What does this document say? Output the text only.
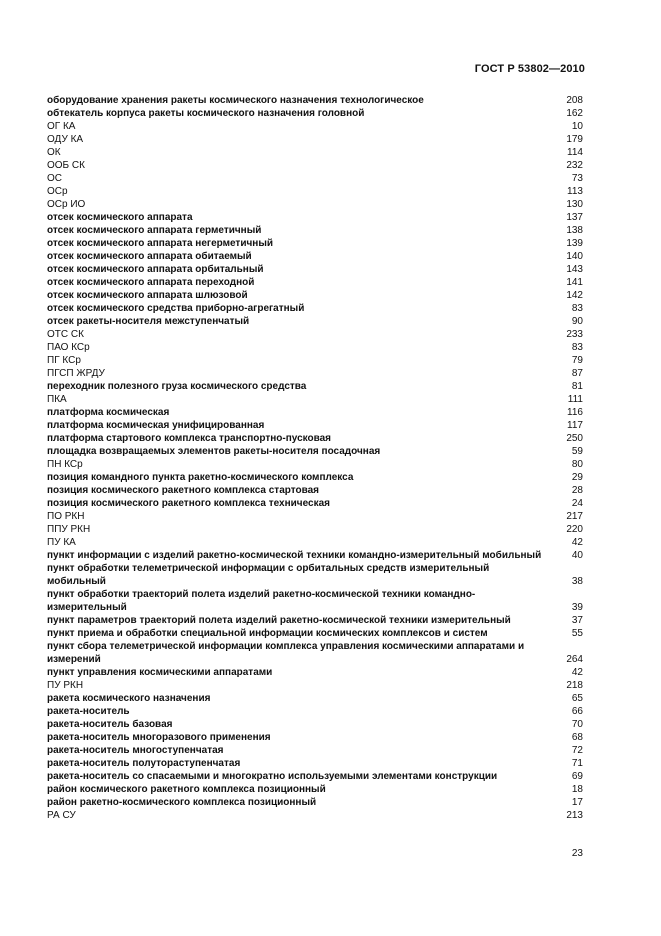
ГОСТ Р 53802—2010
оборудование хранения ракеты космического назначения технологическое	208
обтекатель корпуса ракеты космического назначения головной	162
ОГ КА	10
ОДУ КА	179
ОК	114
ООБ СК	232
ОС	73
ОСр	113
ОСр ИО	130
отсек космического аппарата	137
отсек космического аппарата герметичный	138
отсек космического аппарата негерметичный	139
отсек космического аппарата обитаемый	140
отсек космического аппарата орбитальный	143
отсек космического аппарата переходной	141
отсек космического аппарата шлюзовой	142
отсек космического средства приборно-агрегатный	83
отсек ракеты-носителя межступенчатый	90
ОТС СК	233
ПАО КСр	83
ПГ КСр	79
ПГСП ЖРДУ	87
переходник полезного груза космического средства	81
ПКА	111
платформа космическая	116
платформа космическая унифицированная	117
платформа стартового комплекса транспортно-пусковая	250
площадка возвращаемых элементов ракеты-носителя посадочная	59
ПН КСр	80
позиция командного пункта ракетно-космического комплекса	29
позиция космического ракетного комплекса стартовая	28
позиция космического ракетного комплекса техническая	24
ПО РКН	217
ППУ РКН	220
ПУ КА	42
пункт информации с изделий ракетно-космической техники командно-измерительный мобильный	40
пункт обработки телеметрической информации с орбитальных средств измерительный мобильный	38
пункт обработки траекторий полета изделий ракетно-космической техники командно-измерительный	39
пункт параметров траекторий полета изделий ракетно-космической техники измерительный	37
пункт приема и обработки специальной информации космических комплексов и систем	55
пункт сбора телеметрической информации комплекса управления космическими аппаратами и измерений	264
пункт управления космическими аппаратами	42
ПУ РКН	218
ракета космического назначения	65
ракета-носитель	66
ракета-носитель базовая	70
ракета-носитель многоразового применения	68
ракета-носитель многоступенчатая	72
ракета-носитель полутораступенчатая	71
ракета-носитель со спасаемыми и многократно используемыми элементами конструкции	69
район космического ракетного комплекса позиционный	18
район ракетно-космического комплекса позиционный	17
РА СУ	213
23
